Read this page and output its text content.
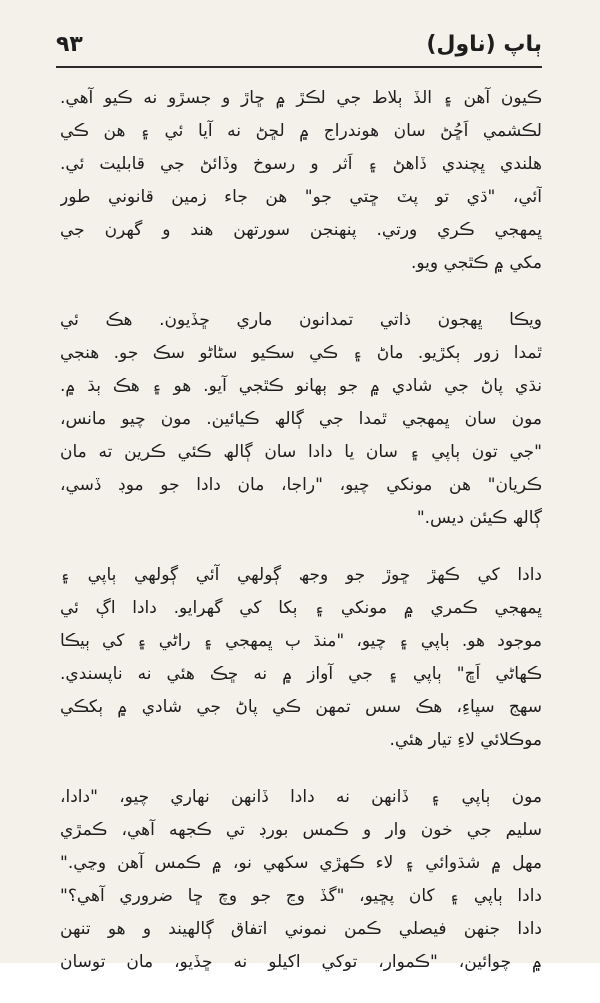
٩٣	ٻاپ (ناول)
ڪيون آهن ۽ الڏ ٻلاط جي لڪڙ ۾ ڇاڙ و جسڙو نه ڪيو آهي.
لڪشمي اَڇُڻ سان هوندراج ۾ لڇڻ نه آيا ئي ۽ هن ڪي
هلندي ڀچندي ڏاهڻ ۽ اَثر و رسوخ وڏائڻ جي قابليت ئي.
آئي، "ڌي تو پٽ ڇتي جو" هن جاء زمين قانوني طور
ڀمهجي ڪري ورتي. پنهنجن سورتهن هند و گهرن جي
مکي ۾ ڪٿجي ويو.
ويڪا ڀهجون ذاتي تمدانون ماري ڇڏيون. هڪ ئي
ٿمدا زور ٻكڙيو. ماڻ ۽ ڪي سڪيو سڻاڻو سڪ جو. هنجي
نڌي پاڻ جي شادي ۾ جو ٻهانو ڪٿجي آيو. هو ۽ هڪ ٻڌ ۾.
مون سان ڀمهجي ٿمدا جي ڳالھ ڪيائين. مون چيو مانس،
"جي تون ٻاپي ۽ سان يا دادا سان ڳالھ ڪئي ڪرين ته مان
ڪريان" هن مونکي چيو، "راجا، مان دادا جو موڊ ڏسي،
ڳالھ ڪيئن ديس."
دادا کي ڪهڙ ڇوڙ جو وجھ ڳولهي آئي ڳولهي ٻاپي ۽
ڀمهجي ڪمري ۾ مونکي ۽ ٻکا کي گهرايو. دادا اڳ ئي
موجود هو. ٻاپي ۽ چيو، "منڌ ٻ ڀمهجي ۽ راڻي ۽ کي ٻيڪا
ڪهاڻي اَڇ" ٻاپي ۽ جي آواز ۾ نه ڇڪ هئي نه ناپسندي.
سهج سڀاءِ، هڪ سس تمهن ڪي پاڻ جي شادي ۾ ٻکڪي
موڪلائي لاءِ تيار هئي.
مون ٻاپي ۽ ڏانهن نه دادا ڏانهن نهاري چيو، "دادا،
سليم جي خون وار و ڪمس بورڊ تي ڪجهه آهي، ڪمڙي
مهل ۾ شڌوائي ۽ لاء ڪهڙي سکھي نو، ۾ ڪمس آهن وڃي."
دادا ٻاپي ۽ کان پڇيو، "گڏ وڃ جو وچ ڇا ضروري آهي؟"
دادا جنهن فيصلي ڪمن نموني اتفاق ڳالهيند و هو تنهن
۾ چوائين، "ڪموار، توکي اکيلو نه ڇڏيو، مان توسان
